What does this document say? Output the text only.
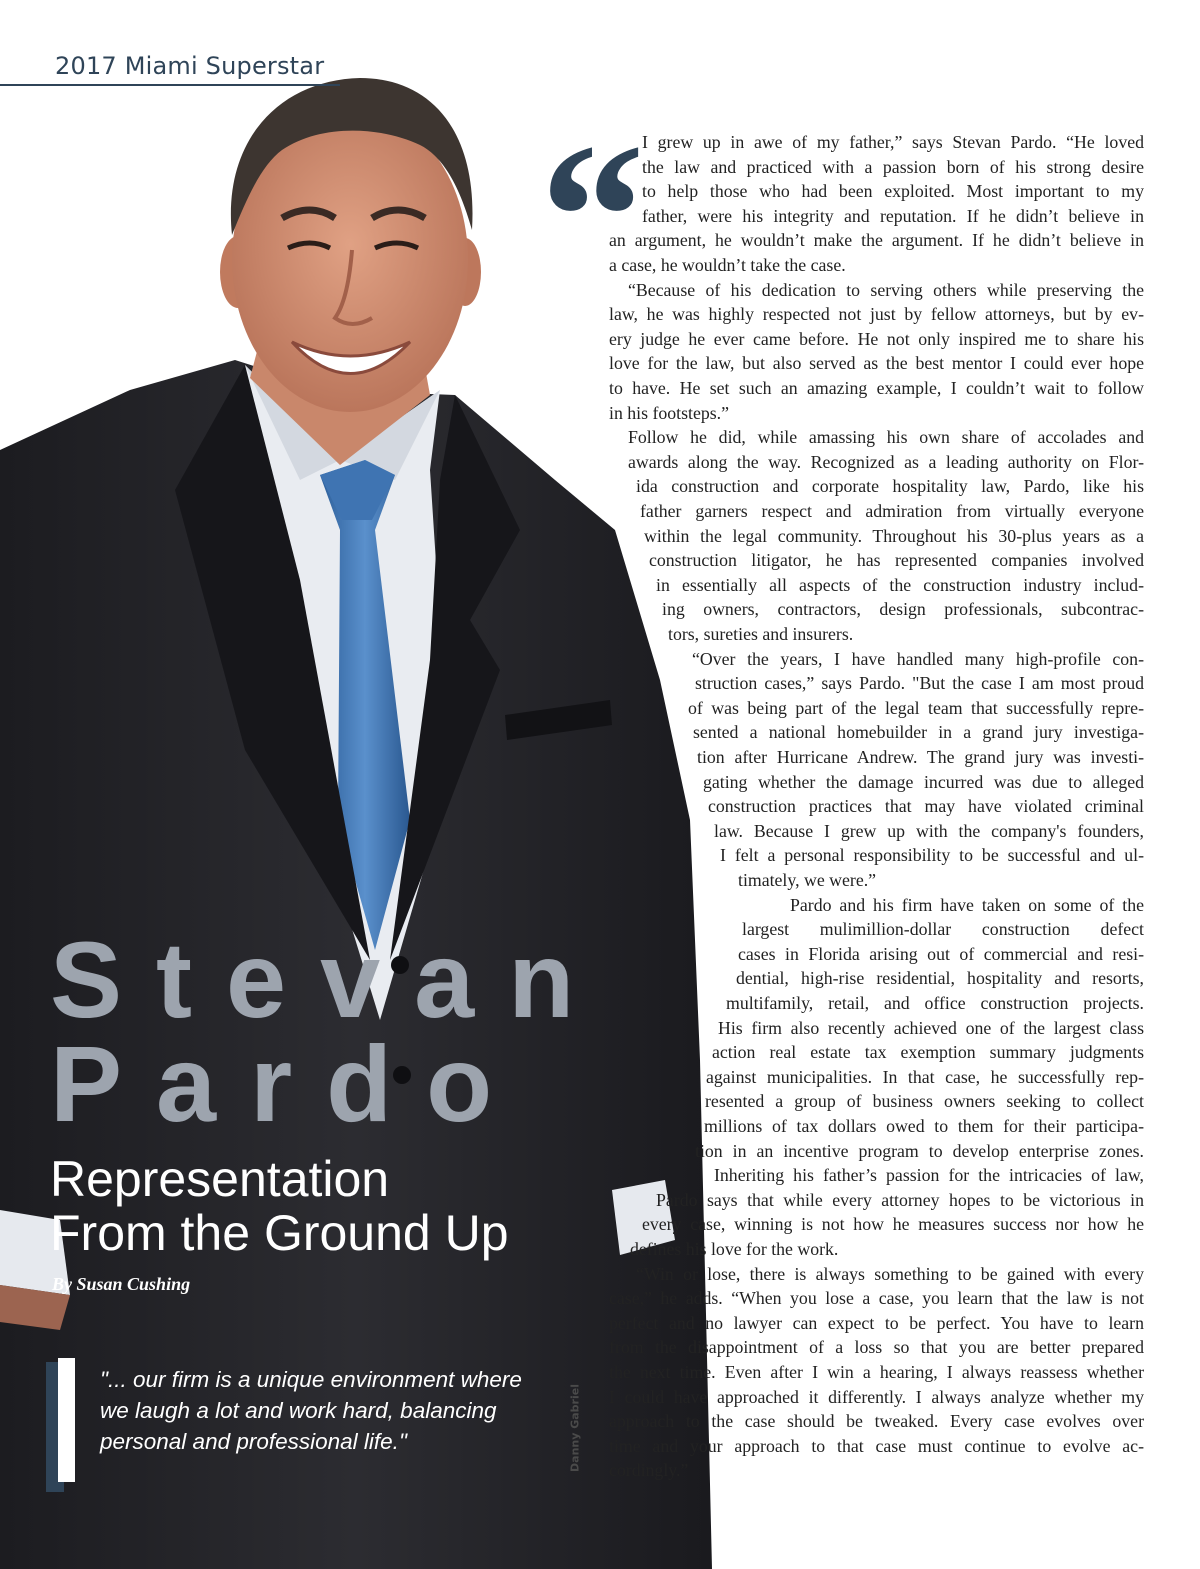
2017 Miami Superstar
Danny Gabriel
Stevan
Pardo
Representation
From the Ground Up
By Susan Cushing
"... our firm is a unique environment where
we laugh a lot and work hard, balancing
personal and professional life."
“
I grew up in awe of my father,” says Stevan Pardo. “He loved
the law and practiced with a passion born of his strong desire
to help those who had been exploited. Most important to my
father, were his integrity and reputation. If he didn’t believe in
an argument, he wouldn’t make the argument. If he didn’t believe in
a case, he wouldn’t take the case.
“Because of his dedication to serving others while preserving the
law, he was highly respected not just by fellow attorneys, but by ev-
ery judge he ever came before. He not only inspired me to share his
love for the law, but also served as the best mentor I could ever hope
to have. He set such an amazing example, I couldn’t wait to follow
in his footsteps.”
Follow he did, while amassing his own share of accolades and
awards along the way. Recognized as a leading authority on Flor-
ida construction and corporate hospitality law, Pardo, like his
father garners respect and admiration from virtually everyone
within the legal community. Throughout his 30-plus years as a
construction litigator, he has represented companies involved
in essentially all aspects of the construction industry includ-
ing owners, contractors, design professionals, subcontrac-
tors, sureties and insurers.
“Over the years, I have handled many high-profile con-
struction cases,” says Pardo. "But the case I am most proud
of was being part of the legal team that successfully repre-
sented a national homebuilder in a grand jury investiga-
tion after Hurricane Andrew. The grand jury was investi-
gating whether the damage incurred was due to alleged
construction practices that may have violated criminal
law. Because I grew up with the company's founders,
I felt a personal responsibility to be successful and ul-
timately, we were.”
Pardo and his firm have taken on some of the
largest mulimillion-dollar construction defect
cases in Florida arising out of commercial and resi-
dential, high-rise residential, hospitality and resorts,
multifamily, retail, and office construction projects.
His firm also recently achieved one of the largest class
action real estate tax exemption summary judgments
against municipalities. In that case, he successfully rep-
resented a group of business owners seeking to collect
millions of tax dollars owed to them for their participa-
tion in an incentive program to develop enterprise zones.
Inheriting his father’s passion for the intricacies of law,
Pardo says that while every attorney hopes to be victorious in
every case, winning is not how he measures success nor how he
defines his love for the work.
“Win or lose, there is always something to be gained with every
case,” he adds. “When you lose a case, you learn that the law is not
perfect and no lawyer can expect to be perfect. You have to learn
from the disappointment of a loss so that you are better prepared
the next time. Even after I win a hearing, I always reassess whether
I could have approached it differently. I always analyze whether my
approach to the case should be tweaked. Every case evolves over
time and your approach to that case must continue to evolve ac-
cordingly.”
